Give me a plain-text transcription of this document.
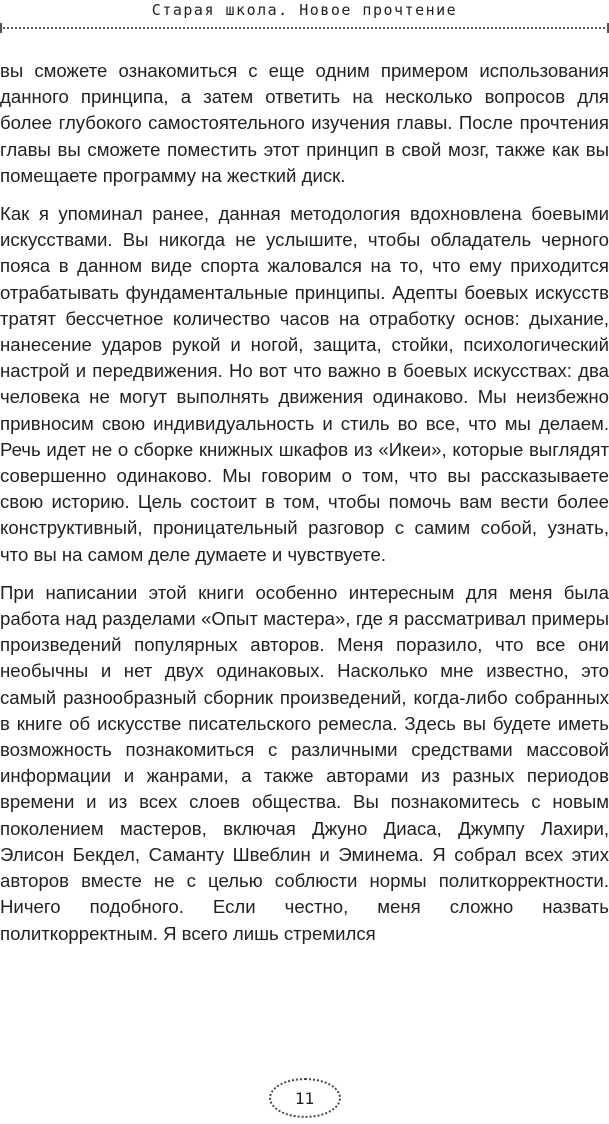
Старая школа. Новое прочтение

вы сможете ознакомиться с еще одним примером использования данного принципа, а затем ответить на несколько вопросов для более глубокого самостоятельного изучения главы. После прочтения главы вы сможете поместить этот принцип в свой мозг, также как вы помещаете программу на жесткий диск.

Как я упоминал ранее, данная методология вдохновлена боевыми искусствами. Вы никогда не услышите, чтобы обладатель черного пояса в данном виде спорта жаловался на то, что ему приходится отрабатывать фундаментальные принципы. Адепты боевых искусств тратят бессчетное количество часов на отработку основ: дыхание, нанесение ударов рукой и ногой, защита, стойки, психологический настрой и передвижения. Но вот что важно в боевых искусствах: два человека не могут выполнять движения одинаково. Мы неизбежно привносим свою индивидуальность и стиль во все, что мы делаем. Речь идет не о сборке книжных шкафов из «Икеи», которые выглядят совершенно одинаково. Мы говорим о том, что вы рассказываете свою историю. Цель состоит в том, чтобы помочь вам вести более конструктивный, проницательный разговор с самим собой, узнать, что вы на самом деле думаете и чувствуете.

При написании этой книги особенно интересным для меня была работа над разделами «Опыт мастера», где я рассматривал примеры произведений популярных авторов. Меня поразило, что все они необычны и нет двух одинаковых. Насколько мне известно, это самый разнообразный сборник произведений, когда-либо собранных в книге об искусстве писательского ремесла. Здесь вы будете иметь возможность познакомиться с различными средствами массовой информации и жанрами, а также авторами из разных периодов времени и из всех слоев общества. Вы познакомитесь с новым поколением мастеров, включая Джуно Диаса, Джумпу Лахири, Элисон Бекдел, Саманту Швеблин и Эминема. Я собрал всех этих авторов вместе не с целью соблюсти нормы политкорректности. Ничего подобного. Если честно, меня сложно назвать политкорректным. Я всего лишь стремился

11
